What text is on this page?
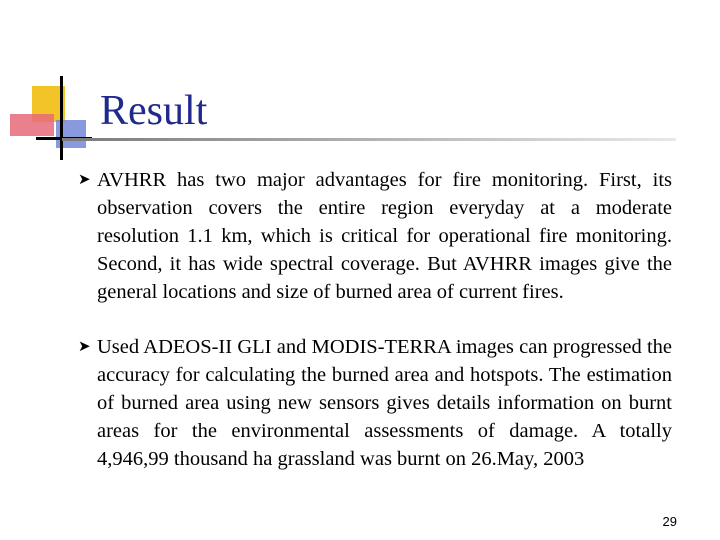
Result
➤ AVHRR has two major advantages for fire monitoring. First, its observation covers the entire region everyday at a moderate resolution 1.1 km, which is critical for operational fire monitoring. Second, it has wide spectral coverage. But AVHRR images give the general locations and size of burned area of current fires.
➤ Used ADEOS-II GLI and MODIS-TERRA images can progressed the accuracy for calculating the burned area and hotspots. The estimation of burned area using new sensors gives details information on burnt areas for the environmental assessments of damage. A totally 4,946,99 thousand ha grassland was burnt on 26.May, 2003
29
